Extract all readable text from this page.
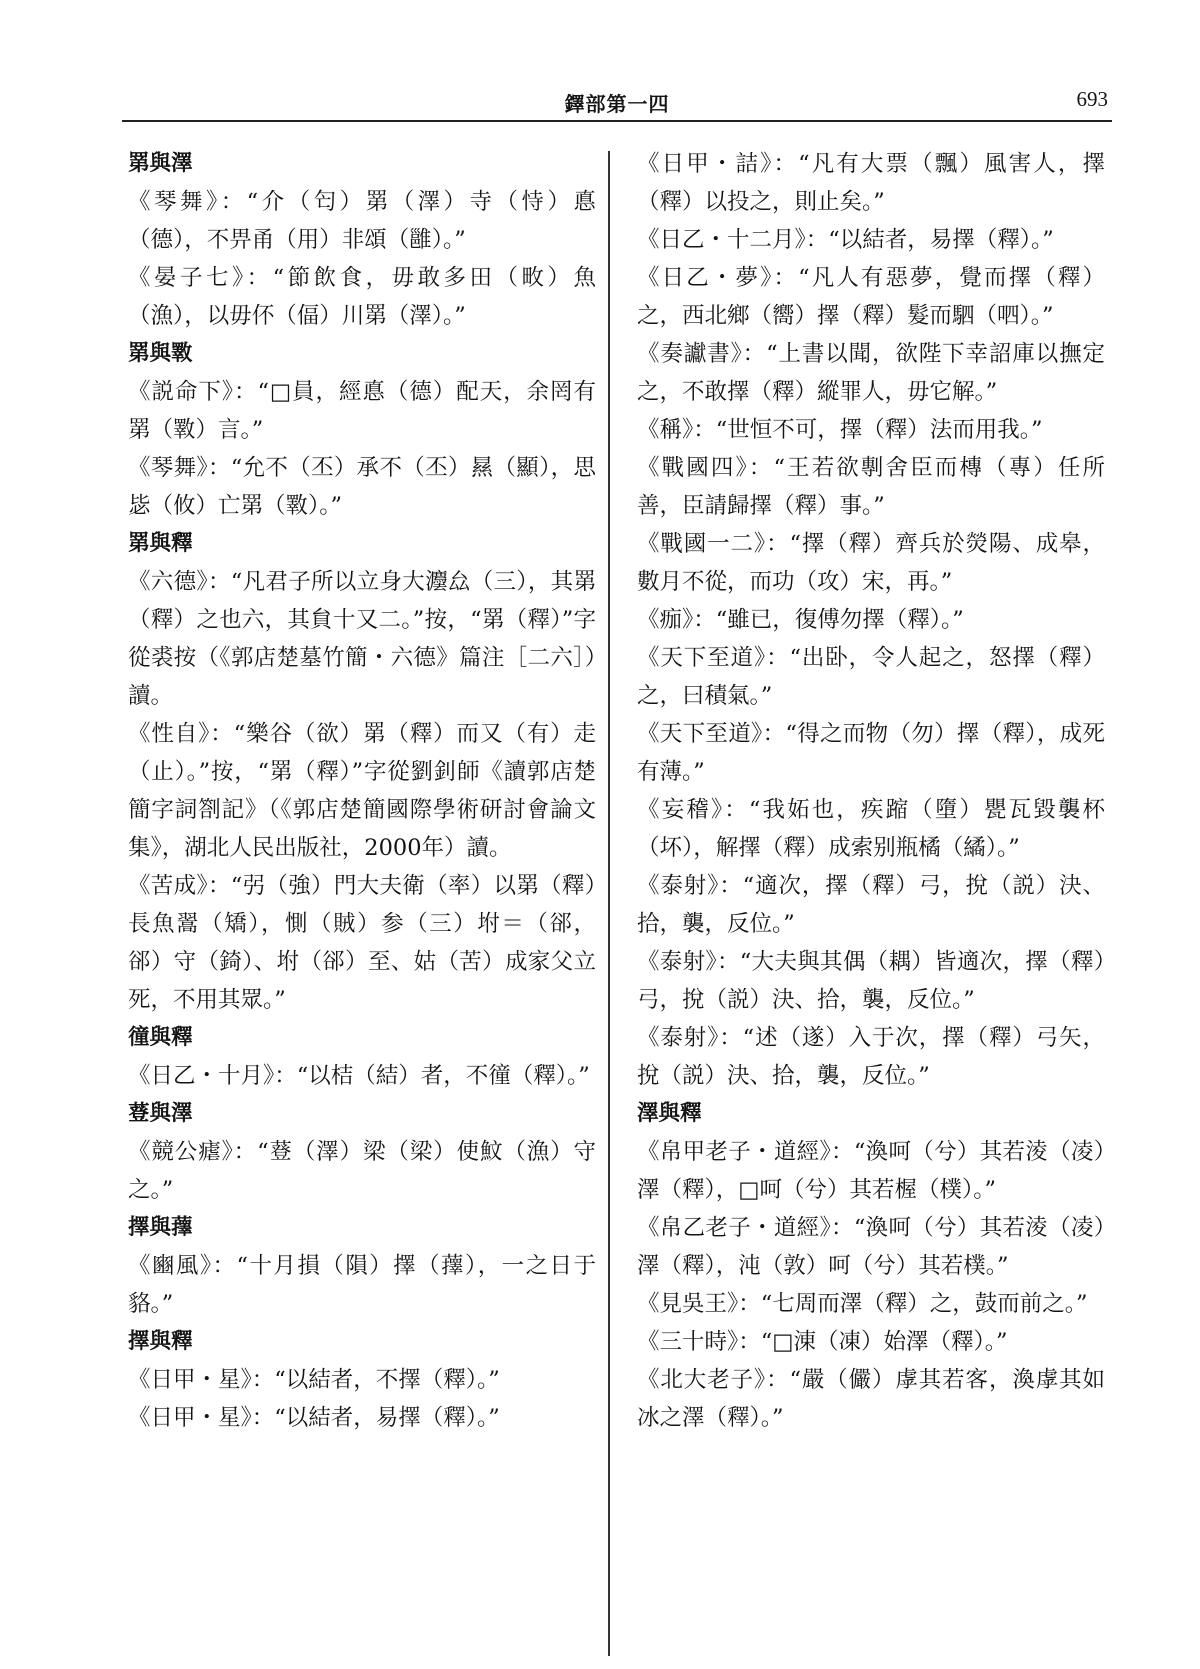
鐸部第一四	693

罤與澤

《琴舞》：“介（匄）罤（澤）寺（恃）悳（德），不畀甬（用）非頌（雝）。”

《晏子七》：“節飲食，毋敢多田（畋）魚（漁），以毋伓（偪）川罤（澤）。”

罤與斁

《説命下》：“□員，經悳（德）配天，余罔有罤（斁）言。”

《琴舞》：“允不（丕）承不（丕）㬎（顯），思毖（攸）亡罤（斁）。”

罤與釋

《六德》：“凡君子所以立身大灋厽（三），其罤（釋）之也六，其貟十又二。”按，“罤（釋）”字從裘按（《郭店楚墓竹簡・六德》篇注［二六］）讀。

《性自》：“樂谷（欲）罤（釋）而又（有）走（止）。”按，“罤（釋）”字從劉釗師《讀郭店楚簡字詞劄記》（《郭店楚簡國際學術研討會論文集》，湖北人民出版社，2000年）讀。

《苦成》：“弜（強）門大夫衛（率）以罤（釋）長魚翯（矯），惻（賊）参（三）坿＝（郤，郤）守（錡）、坿（郤）至、姑（苦）成家父立死，不用其眾。”

徸與釋

《日乙・十月》：“以桔（結）者，不徸（釋）。”

䔲與澤

《競公瘧》：“䔲（澤）梁（梁）使魰（漁）守之。”

擇與蘀

《豳風》：“十月損（隕）擇（蘀），一之日于貉。”

擇與釋

《日甲・星》：“以結者，不擇（釋）。”

《日甲・星》：“以結者，易擇（釋）。”

《日甲・詰》：“凡有大票（飄）風害人，擇（釋）以投之，則止矣。”

《日乙・十二月》：“以結者，易擇（釋）。”

《日乙・夢》：“凡人有惡夢，覺而擇（釋）之，西北鄉（嚮）擇（釋）髮而駟（呬）。”

《奏讞書》：“上書以聞，欲陛下幸詔庫以撫定之，不敢擇（釋）縱罪人，毋它解。”

《稱》：“世恒不可，擇（釋）法而用我。”

《戰國四》：“王若欲剸舍臣而槫（專）任所善，臣請歸擇（釋）事。”

《戰國一二》：“擇（釋）齊兵於熒陽、成皋，數月不從，而功（攻）宋，再。”

《痂》：“雖已，復傅勿擇（釋）。”

《天下至道》：“出卧，令人起之，怒擇（釋）之，曰積氣。”

《天下至道》：“得之而物（勿）擇（釋），成死有薄。”

《妄稽》：“我妬也，疾蹜（墮）甖瓦毀襲杯（坏），解擇（釋）成索别瓶橘（繘）。”

《泰射》：“適次，擇（釋）弓，挩（説）決、拾，襲，反位。”

《泰射》：“大夫與其偶（耦）皆適次，擇（釋）弓，挩（説）決、拾，襲，反位。”

《泰射》：“述（遂）入于次，擇（釋）弓矢，挩（説）決、拾，襲，反位。”

澤與釋

《帛甲老子・道經》：“渙呵（兮）其若淩（凌）澤（釋），□呵（兮）其若楃（樸）。”

《帛乙老子・道經》：“渙呵（兮）其若淩（凌）澤（釋），沌（敦）呵（兮）其若樸。”

《見吳王》：“七周而澤（釋）之，鼓而前之。”

《三十時》：“□涷（凍）始澤（釋）。”

《北大老子》：“嚴（儼）虖其若客，渙虖其如冰之澤（釋）。”
